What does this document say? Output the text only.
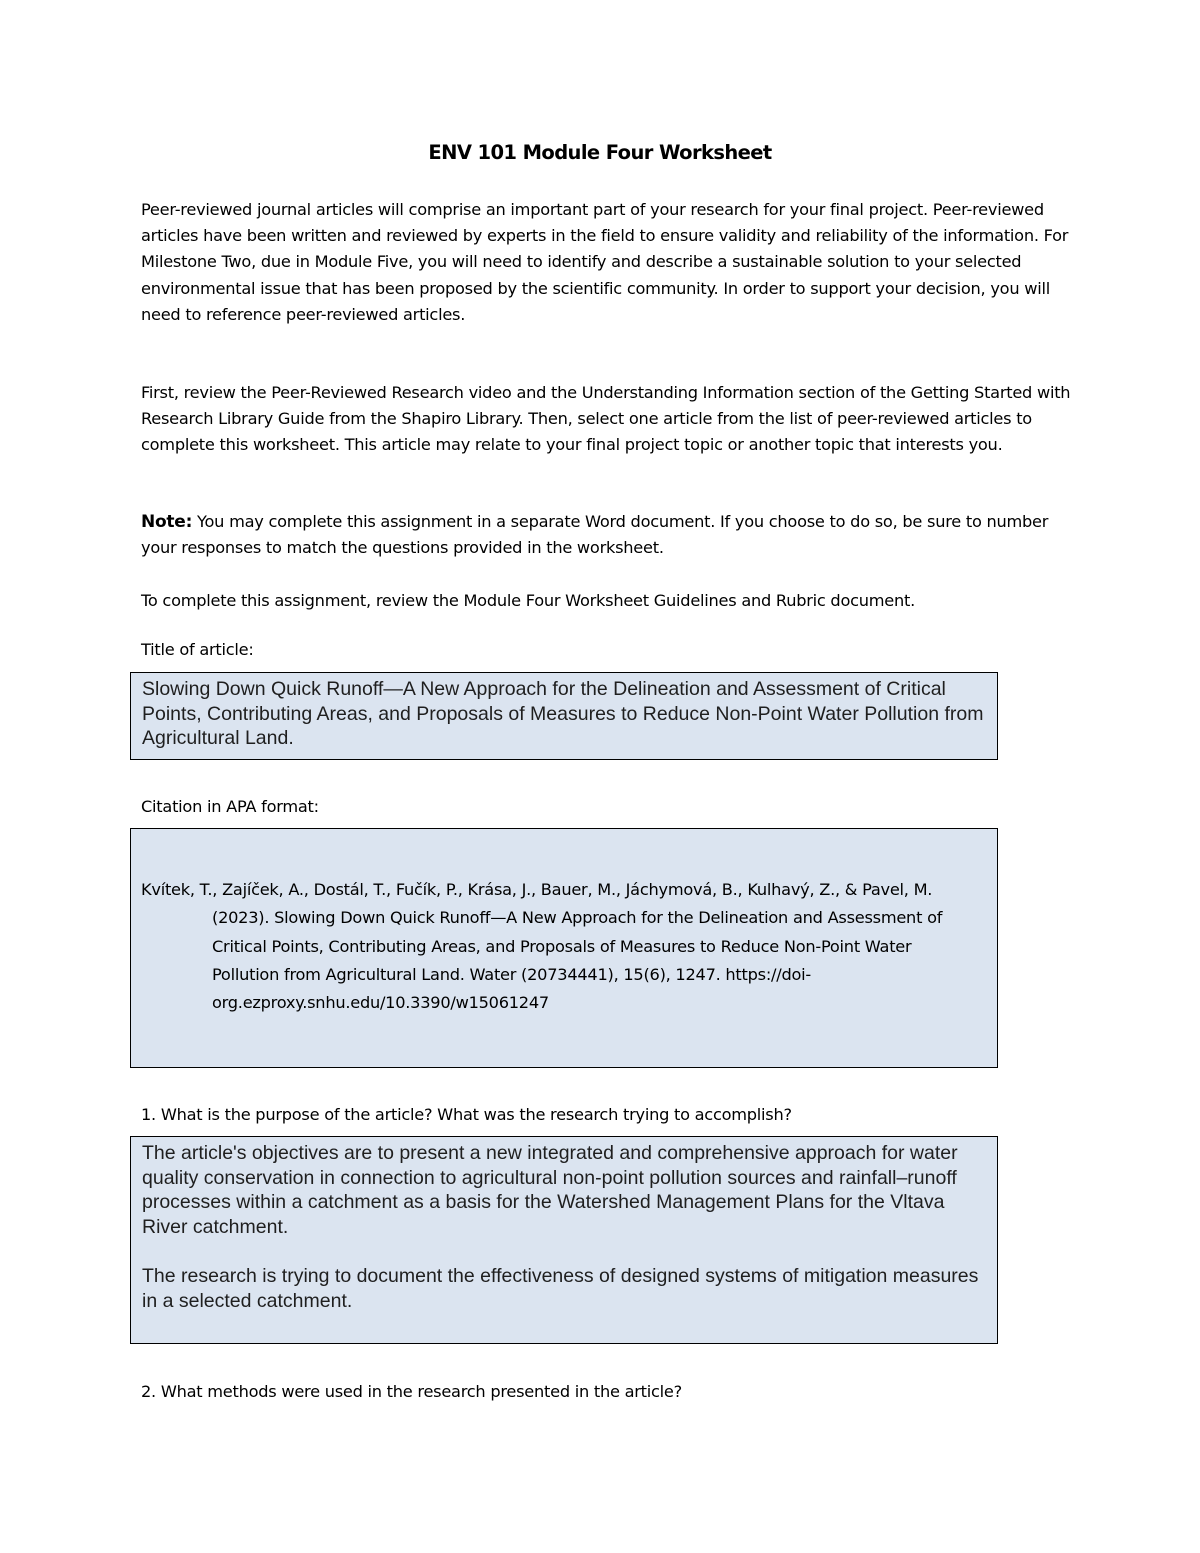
ENV 101 Module Four Worksheet
Peer-reviewed journal articles will comprise an important part of your research for your final project. Peer-reviewed articles have been written and reviewed by experts in the field to ensure validity and reliability of the information. For Milestone Two, due in Module Five, you will need to identify and describe a sustainable solution to your selected environmental issue that has been proposed by the scientific community. In order to support your decision, you will need to reference peer-reviewed articles.
First, review the Peer-Reviewed Research video and the Understanding Information section of the Getting Started with Research Library Guide from the Shapiro Library. Then, select one article from the list of peer-reviewed articles to complete this worksheet. This article may relate to your final project topic or another topic that interests you.
Note: You may complete this assignment in a separate Word document. If you choose to do so, be sure to number your responses to match the questions provided in the worksheet.
To complete this assignment, review the Module Four Worksheet Guidelines and Rubric document.
Title of article:
Slowing Down Quick Runoff—A New Approach for the Delineation and Assessment of Critical Points, Contributing Areas, and Proposals of Measures to Reduce Non-Point Water Pollution from Agricultural Land.
Citation in APA format:
Kvítek, T., Zajíček, A., Dostál, T., Fučík, P., Krása, J., Bauer, M., Jáchymová, B., Kulhavý, Z., & Pavel, M. (2023). Slowing Down Quick Runoff—A New Approach for the Delineation and Assessment of Critical Points, Contributing Areas, and Proposals of Measures to Reduce Non-Point Water Pollution from Agricultural Land. Water (20734441), 15(6), 1247. https://doi-org.ezproxy.snhu.edu/10.3390/w15061247
1. What is the purpose of the article? What was the research trying to accomplish?
The article's objectives are to present a new integrated and comprehensive approach for water quality conservation in connection to agricultural non-point pollution sources and rainfall–runoff processes within a catchment as a basis for the Watershed Management Plans for the Vltava River catchment.
The research is trying to document the effectiveness of designed systems of mitigation measures in a selected catchment.
2. What methods were used in the research presented in the article?
